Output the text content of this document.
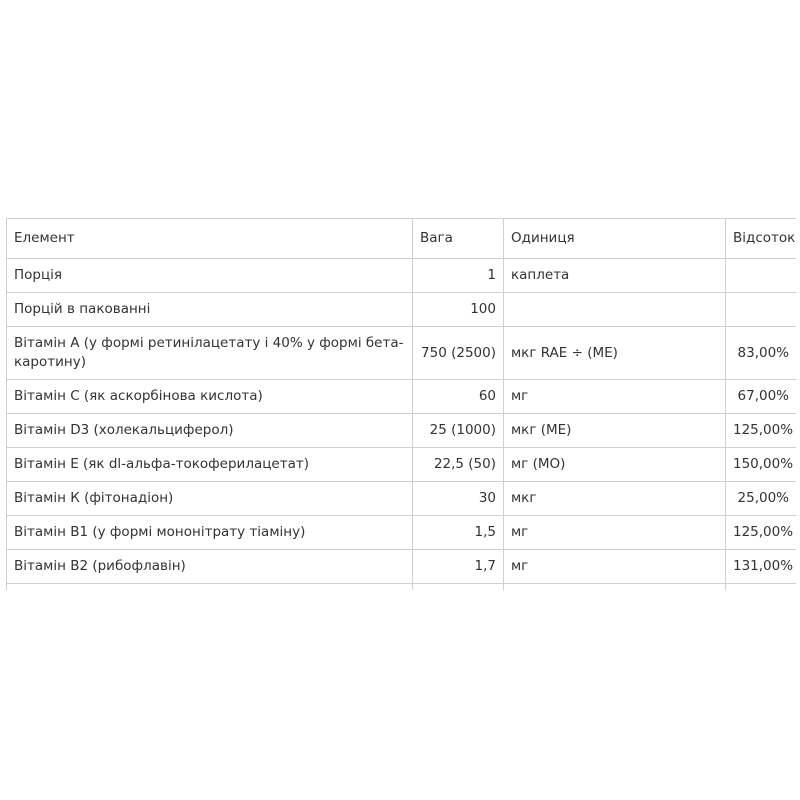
Елемент	Вага	Одиниця	Відсоток
Порція	1	каплета	
Порцій в пакованні	100		
Вітамін А (у формі ретинілацетату і 40% у формі бета-каротину)	750 (2500)	мкг RAE ÷ (МЕ)	83,00%
Вітамін С (як аскорбінова кислота)	60	мг	67,00%
Вітамін D3 (холекальциферол)	25 (1000)	мкг (МЕ)	125,00%
Вітамін Е (як dl-альфа-токоферилацетат)	22,5 (50)	мг (МО)	150,00%
Вітамін К (фітонадіон)	30	мкг	25,00%
Вітамін В1 (у формі мононітрату тіаміну)	1,5	мг	125,00%
Вітамін В2 (рибофлавін)	1,7	мг	131,00%
